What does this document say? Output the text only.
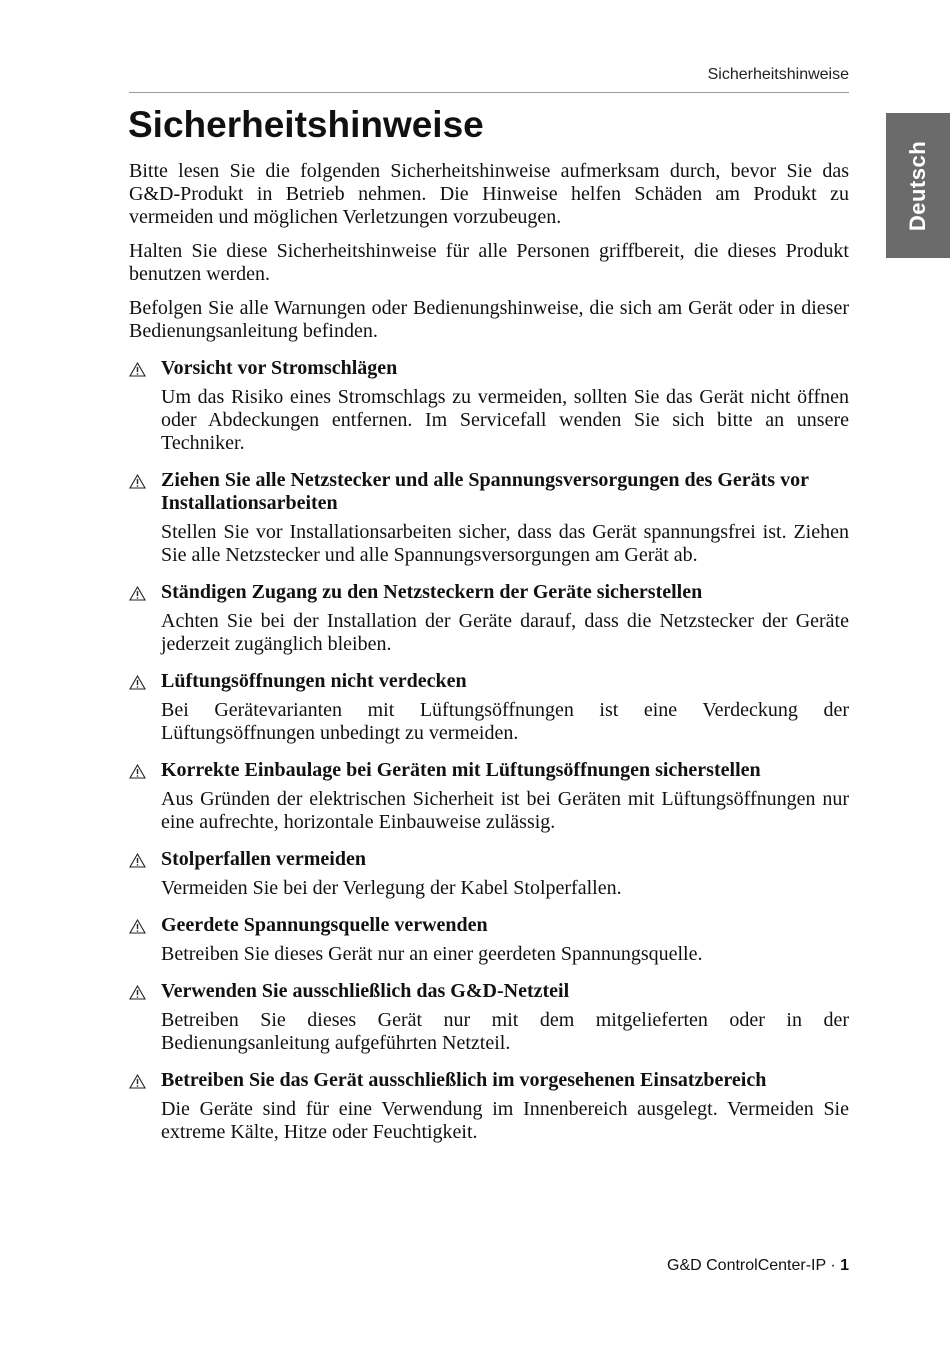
Sicherheitshinweise
Deutsch
Sicherheitshinweise

Bitte lesen Sie die folgenden Sicherheitshinweise aufmerksam durch, bevor Sie das G&D-Produkt in Betrieb nehmen. Die Hinweise helfen Schäden am Produkt zu vermeiden und möglichen Verletzungen vorzubeugen.

Halten Sie diese Sicherheitshinweise für alle Personen griffbereit, die dieses Produkt benutzen werden.

Befolgen Sie alle Warnungen oder Bedienungshinweise, die sich am Gerät oder in dieser Bedienungsanleitung befinden.

Vorsicht vor Stromschlägen

Um das Risiko eines Stromschlags zu vermeiden, sollten Sie das Gerät nicht öffnen oder Abdeckungen entfernen. Im Servicefall wenden Sie sich bitte an unsere Techniker.

Ziehen Sie alle Netzstecker und alle Spannungsversorgungen des Geräts vor Installationsarbeiten

Stellen Sie vor Installationsarbeiten sicher, dass das Gerät spannungsfrei ist. Ziehen Sie alle Netzstecker und alle Spannungsversorgungen am Gerät ab.

Ständigen Zugang zu den Netzsteckern der Geräte sicherstellen

Achten Sie bei der Installation der Geräte darauf, dass die Netzstecker der Geräte jederzeit zugänglich bleiben.

Lüftungsöffnungen nicht verdecken

Bei Gerätevarianten mit Lüftungsöffnungen ist eine Verdeckung der Lüftungsöffnungen unbedingt zu vermeiden.

Korrekte Einbaulage bei Geräten mit Lüftungsöffnungen sicherstellen

Aus Gründen der elektrischen Sicherheit ist bei Geräten mit Lüftungsöffnungen nur eine aufrechte, horizontale Einbauweise zulässig.

Stolperfallen vermeiden

Vermeiden Sie bei der Verlegung der Kabel Stolperfallen.

Geerdete Spannungsquelle verwenden

Betreiben Sie dieses Gerät nur an einer geerdeten Spannungsquelle.

Verwenden Sie ausschließlich das G&D-Netzteil

Betreiben Sie dieses Gerät nur mit dem mitgelieferten oder in der Bedienungsanleitung aufgeführten Netzteil.

Betreiben Sie das Gerät ausschließlich im vorgesehenen Einsatzbereich

Die Geräte sind für eine Verwendung im Innenbereich ausgelegt. Vermeiden Sie extreme Kälte, Hitze oder Feuchtigkeit.

G&D ControlCenter-IP · 1
